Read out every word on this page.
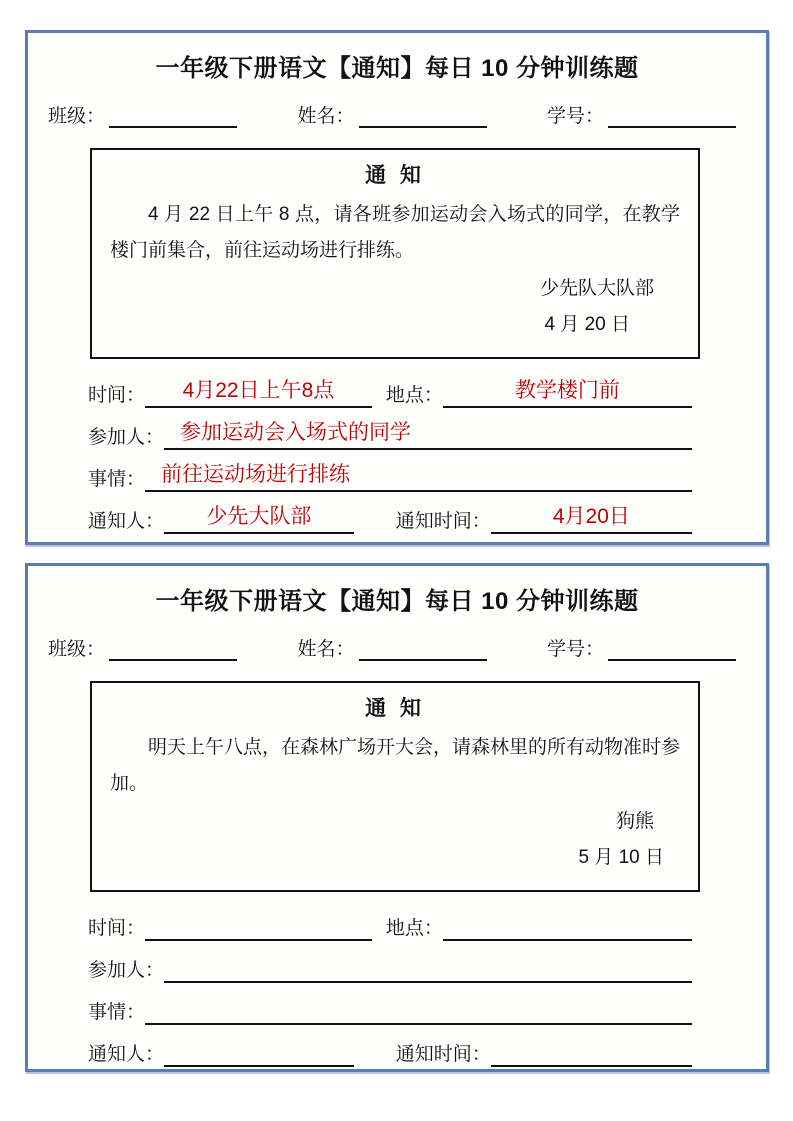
一年级下册语文【通知】每日 10 分钟训练题
班级：	姓名：	学号：
通 知

4 月 22 日上午 8 点，请各班参加运动会入场式的同学，在教学楼门前集合，前往运动场进行排练。

少先队大队部
4 月 20 日
时间：	4月22日上午8点	地点：	教学楼门前
参加人： 参加运动会入场式的同学
事情： 前往运动场进行排练
通知人：	少先大队部	通知时间：	4月20日
一年级下册语文【通知】每日 10 分钟训练题
班级：	姓名：	学号：
通 知

明天上午八点，在森林广场开大会，请森林里的所有动物准时参加。

狗熊
5 月 10 日
时间：	地点：
参加人：
事情：
通知人：	通知时间：
